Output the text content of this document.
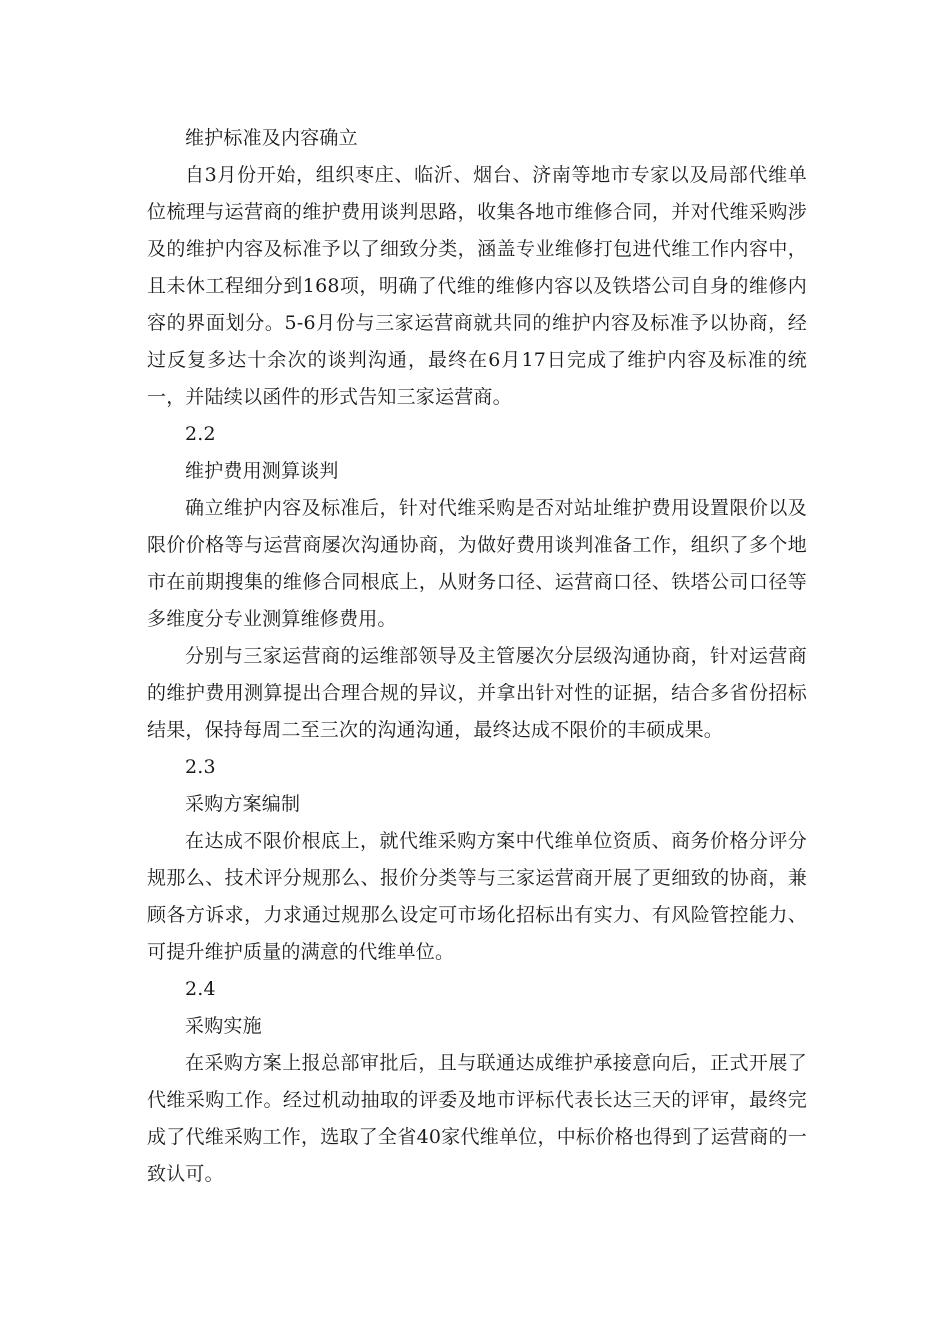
维护标准及内容确立

自3月份开始，组织枣庄、临沂、烟台、济南等地市专家以及局部代维单位梳理与运营商的维护费用谈判思路，收集各地市维修合同，并对代维采购涉及的维护内容及标准予以了细致分类，涵盖专业维修打包进代维工作内容中，且未休工程细分到168项，明确了代维的维修内容以及铁塔公司自身的维修内容的界面划分。5-6月份与三家运营商就共同的维护内容及标准予以协商，经过反复多达十余次的谈判沟通，最终在6月17日完成了维护内容及标准的统一，并陆续以函件的形式告知三家运营商。

2.2

维护费用测算谈判

确立维护内容及标准后，针对代维采购是否对站址维护费用设置限价以及限价价格等与运营商屡次沟通协商，为做好费用谈判准备工作，组织了多个地市在前期搜集的维修合同根底上，从财务口径、运营商口径、铁塔公司口径等多维度分专业测算维修费用。

分别与三家运营商的运维部领导及主管屡次分层级沟通协商，针对运营商的维护费用测算提出合理合规的异议，并拿出针对性的证据，结合多省份招标结果，保持每周二至三次的沟通沟通，最终达成不限价的丰硕成果。

2.3

采购方案编制

在达成不限价根底上，就代维采购方案中代维单位资质、商务价格分评分规那么、技术评分规那么、报价分类等与三家运营商开展了更细致的协商，兼顾各方诉求，力求通过规那么设定可市场化招标出有实力、有风险管控能力、可提升维护质量的满意的代维单位。

2.4

采购实施

在采购方案上报总部审批后，且与联通达成维护承接意向后，正式开展了代维采购工作。经过机动抽取的评委及地市评标代表长达三天的评审，最终完成了代维采购工作，选取了全省40家代维单位，中标价格也得到了运营商的一致认可。
